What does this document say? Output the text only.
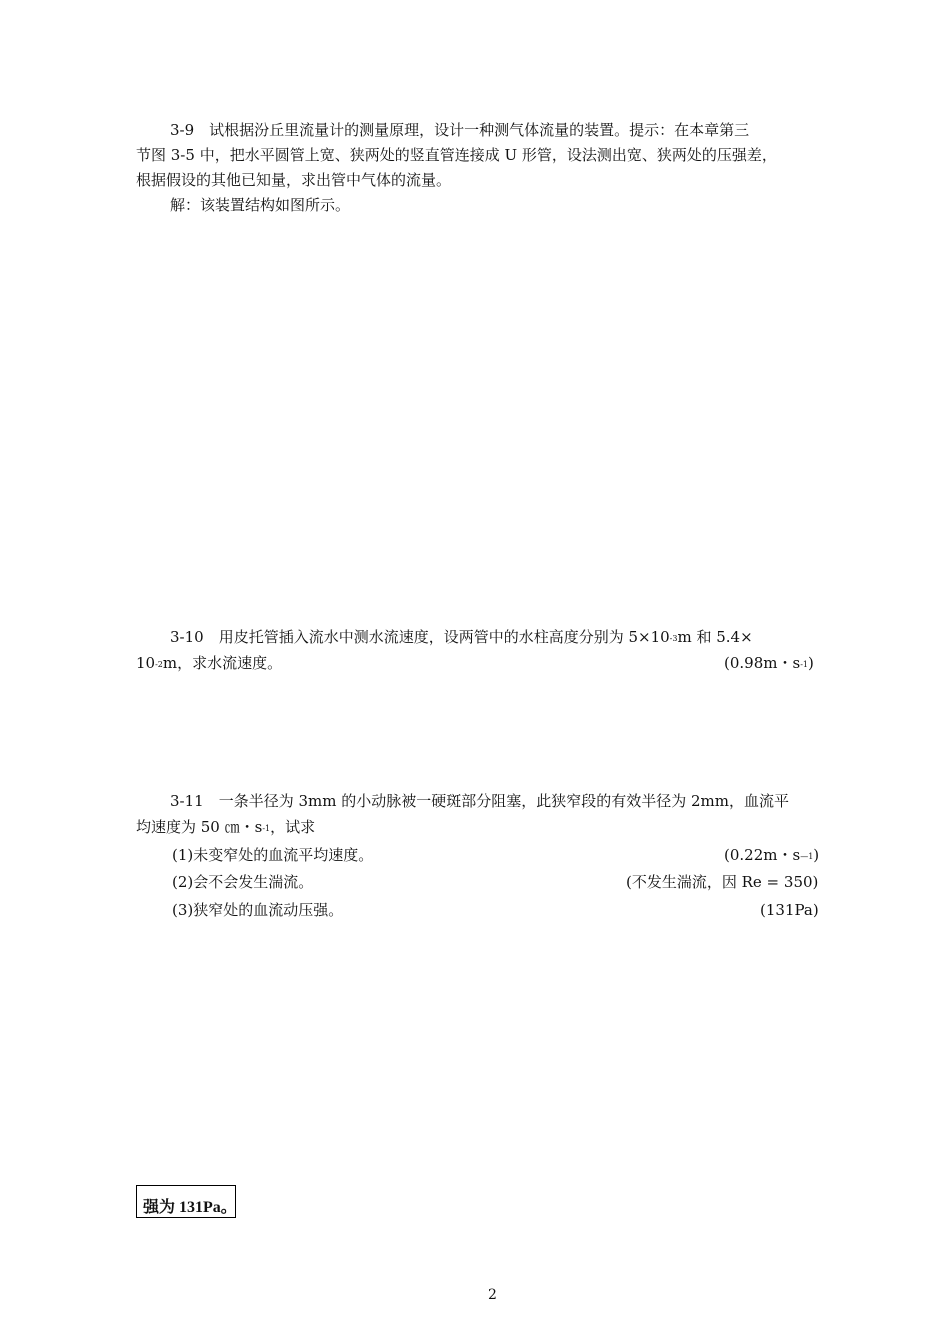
3-9　试根据汾丘里流量计的测量原理，设计一种测气体流量的装置。提示：在本章第三
节图 3-5 中，把水平圆管上宽、狭两处的竖直管连接成 U 形管，设法测出宽、狭两处的压强差，
根据假设的其他已知量，求出管中气体的流量。
解：该装置结构如图所示。
3-10　用皮托管插入流水中测水流速度，设两管中的水柱高度分别为 $5\times 10^{-3}m$ 和 5.4×
$10^{-2}m$，求水流速度。	(0.98m・$s^{-1}$)
3-11　一条半径为 3mm 的小动脉被一硬斑部分阻塞，此狭窄段的有效半径为 2mm，血流平
均速度为 50 ㎝・$s^{-1}$，试求
(1)未变窄处的血流平均速度。	(0.22m・$s^{—1}$)
(2)会不会发生湍流。	(不发生湍流，因 Re = 350)
(3)狭窄处的血流动压强。	(131Pa)
强为 131Pa。
2
